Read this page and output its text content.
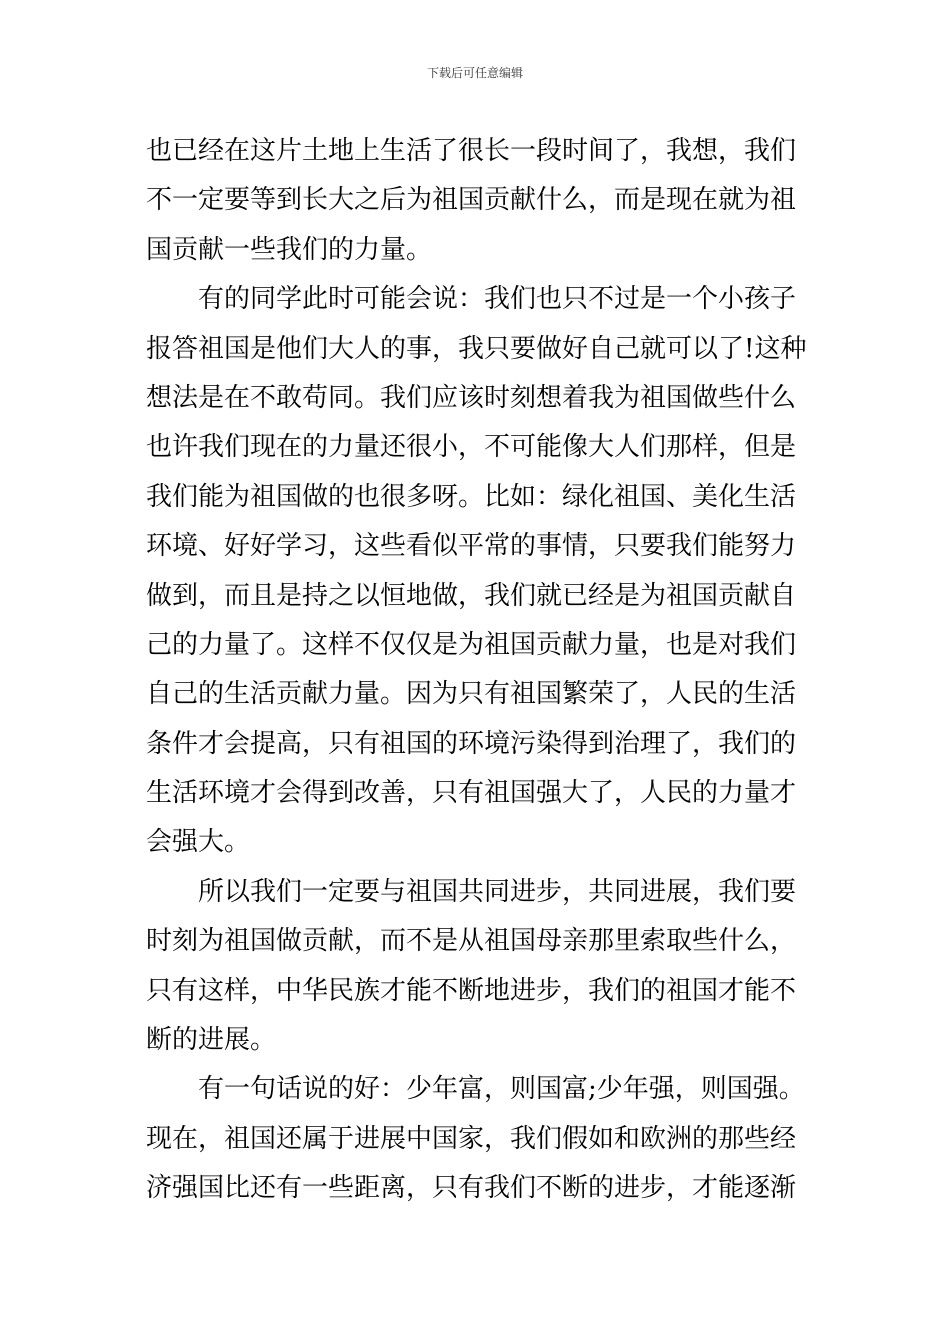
下载后可任意编辑
也已经在这片土地上生活了很长一段时间了，我想，我们
不一定要等到长大之后为祖国贡献什么，而是现在就为祖
国贡献一些我们的力量。
有的同学此时可能会说：我们也只不过是一个小孩子
报答祖国是他们大人的事，我只要做好自己就可以了!这种
想法是在不敢苟同。我们应该时刻想着我为祖国做些什么
也许我们现在的力量还很小，不可能像大人们那样，但是
我们能为祖国做的也很多呀。比如：绿化祖国、美化生活
环境、好好学习，这些看似平常的事情，只要我们能努力
做到，而且是持之以恒地做，我们就已经是为祖国贡献自
己的力量了。这样不仅仅是为祖国贡献力量，也是对我们
自己的生活贡献力量。因为只有祖国繁荣了，人民的生活
条件才会提高，只有祖国的环境污染得到治理了，我们的
生活环境才会得到改善，只有祖国强大了，人民的力量才
会强大。
所以我们一定要与祖国共同进步，共同进展，我们要
时刻为祖国做贡献，而不是从祖国母亲那里索取些什么，
只有这样，中华民族才能不断地进步，我们的祖国才能不
断的进展。
有一句话说的好：少年富，则国富;少年强，则国强。
现在，祖国还属于进展中国家，我们假如和欧洲的那些经
济强国比还有一些距离，只有我们不断的进步，才能逐渐
